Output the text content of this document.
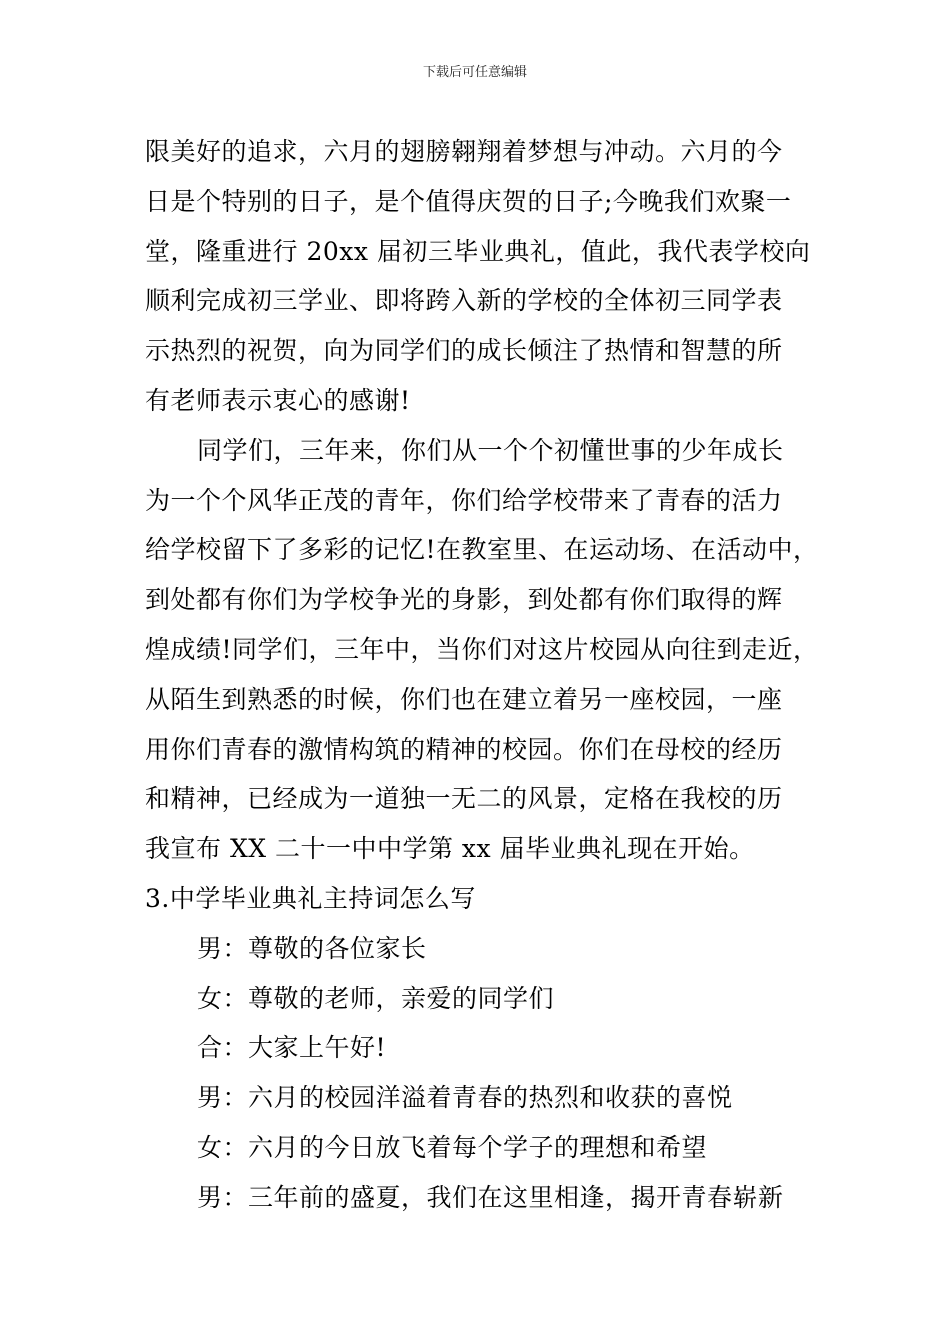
下载后可任意编辑
限美好的追求，六月的翅膀翱翔着梦想与冲动。六月的今
日是个特别的日子，是个值得庆贺的日子;今晚我们欢聚一
堂，隆重进行 20xx 届初三毕业典礼，值此，我代表学校向
顺利完成初三学业、即将跨入新的学校的全体初三同学表
示热烈的祝贺，向为同学们的成长倾注了热情和智慧的所
有老师表示衷心的感谢!
同学们，三年来，你们从一个个初懂世事的少年成长
为一个个风华正茂的青年，你们给学校带来了青春的活力
给学校留下了多彩的记忆!在教室里、在运动场、在活动中，
到处都有你们为学校争光的身影，到处都有你们取得的辉
煌成绩!同学们，三年中，当你们对这片校园从向往到走近，
从陌生到熟悉的时候，你们也在建立着另一座校园，一座
用你们青春的激情构筑的精神的校园。你们在母校的经历
和精神，已经成为一道独一无二的风景，定格在我校的历
我宣布 XX 二十一中中学第 xx 届毕业典礼现在开始。
3.中学毕业典礼主持词怎么写
男：尊敬的各位家长
女：尊敬的老师，亲爱的同学们
合：大家上午好!
男：六月的校园洋溢着青春的热烈和收获的喜悦
女：六月的今日放飞着每个学子的理想和希望
男：三年前的盛夏，我们在这里相逢，揭开青春崭新
